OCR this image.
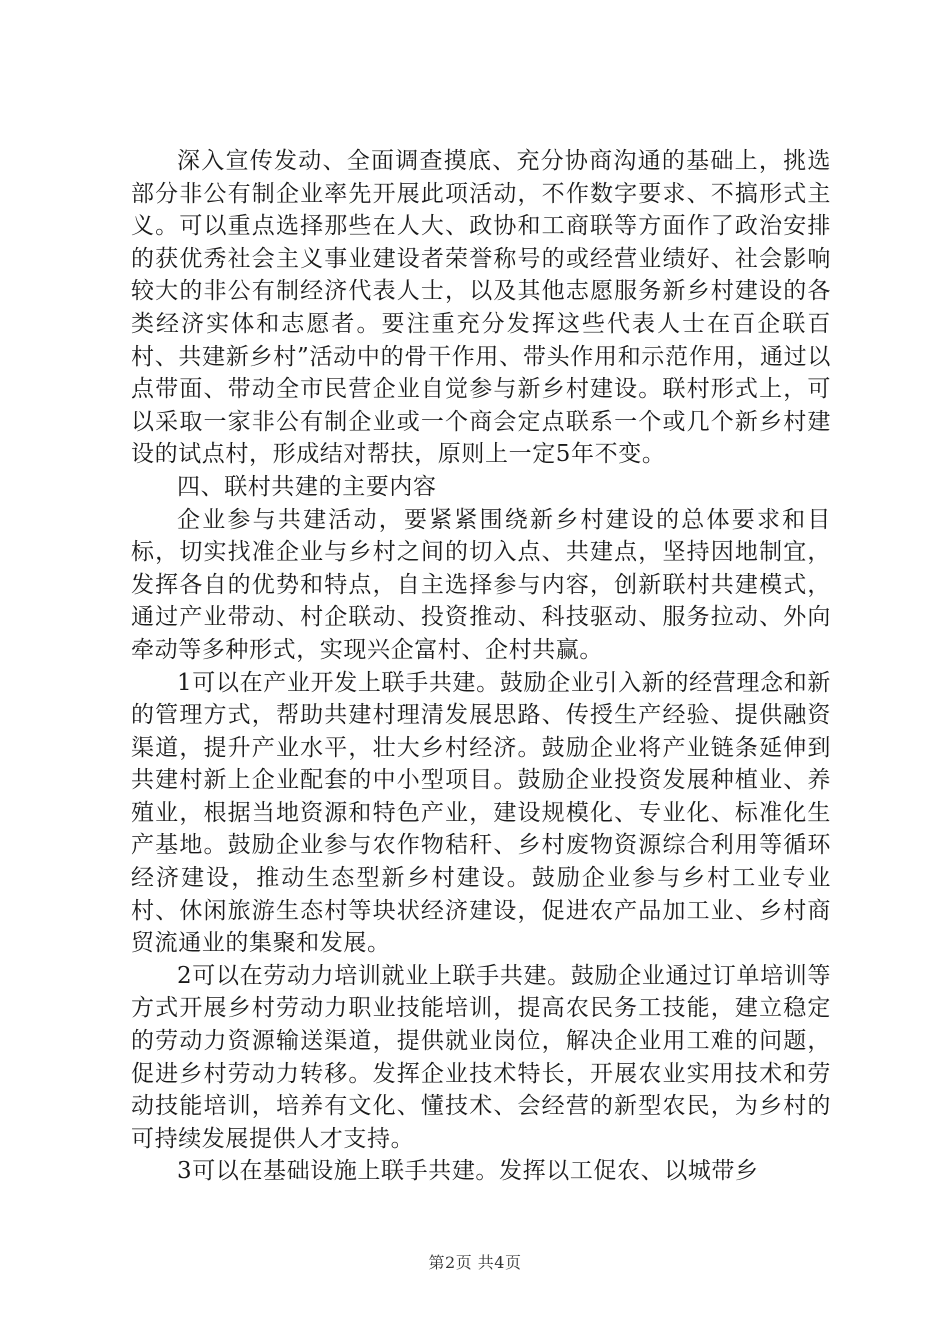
深入宣传发动、全面调查摸底、充分协商沟通的基础上，挑选部分非公有制企业率先开展此项活动，不作数字要求、不搞形式主义。可以重点选择那些在人大、政协和工商联等方面作了政治安排的获优秀社会主义事业建设者荣誉称号的或经营业绩好、社会影响较大的非公有制经济代表人士，以及其他志愿服务新乡村建设的各类经济实体和志愿者。要注重充分发挥这些代表人士在百企联百村、共建新乡村”活动中的骨干作用、带头作用和示范作用，通过以点带面、带动全市民营企业自觉参与新乡村建设。联村形式上，可以采取一家非公有制企业或一个商会定点联系一个或几个新乡村建设的试点村，形成结对帮扶，原则上一定5年不变。

四、联村共建的主要内容

企业参与共建活动，要紧紧围绕新乡村建设的总体要求和目标，切实找准企业与乡村之间的切入点、共建点，坚持因地制宜，发挥各自的优势和特点，自主选择参与内容，创新联村共建模式，通过产业带动、村企联动、投资推动、科技驱动、服务拉动、外向牵动等多种形式，实现兴企富村、企村共赢。

1可以在产业开发上联手共建。鼓励企业引入新的经营理念和新的管理方式，帮助共建村理清发展思路、传授生产经验、提供融资渠道，提升产业水平，壮大乡村经济。鼓励企业将产业链条延伸到共建村新上企业配套的中小型项目。鼓励企业投资发展种植业、养殖业，根据当地资源和特色产业，建设规模化、专业化、标准化生产基地。鼓励企业参与农作物秸秆、乡村废物资源综合利用等循环经济建设，推动生态型新乡村建设。鼓励企业参与乡村工业专业村、休闲旅游生态村等块状经济建设，促进农产品加工业、乡村商贸流通业的集聚和发展。

2可以在劳动力培训就业上联手共建。鼓励企业通过订单培训等方式开展乡村劳动力职业技能培训，提高农民务工技能，建立稳定的劳动力资源输送渠道，提供就业岗位，解决企业用工难的问题，促进乡村劳动力转移。发挥企业技术特长，开展农业实用技术和劳动技能培训，培养有文化、懂技术、会经营的新型农民，为乡村的可持续发展提供人才支持。

3可以在基础设施上联手共建。发挥以工促农、以城带乡

第2页 共4页
